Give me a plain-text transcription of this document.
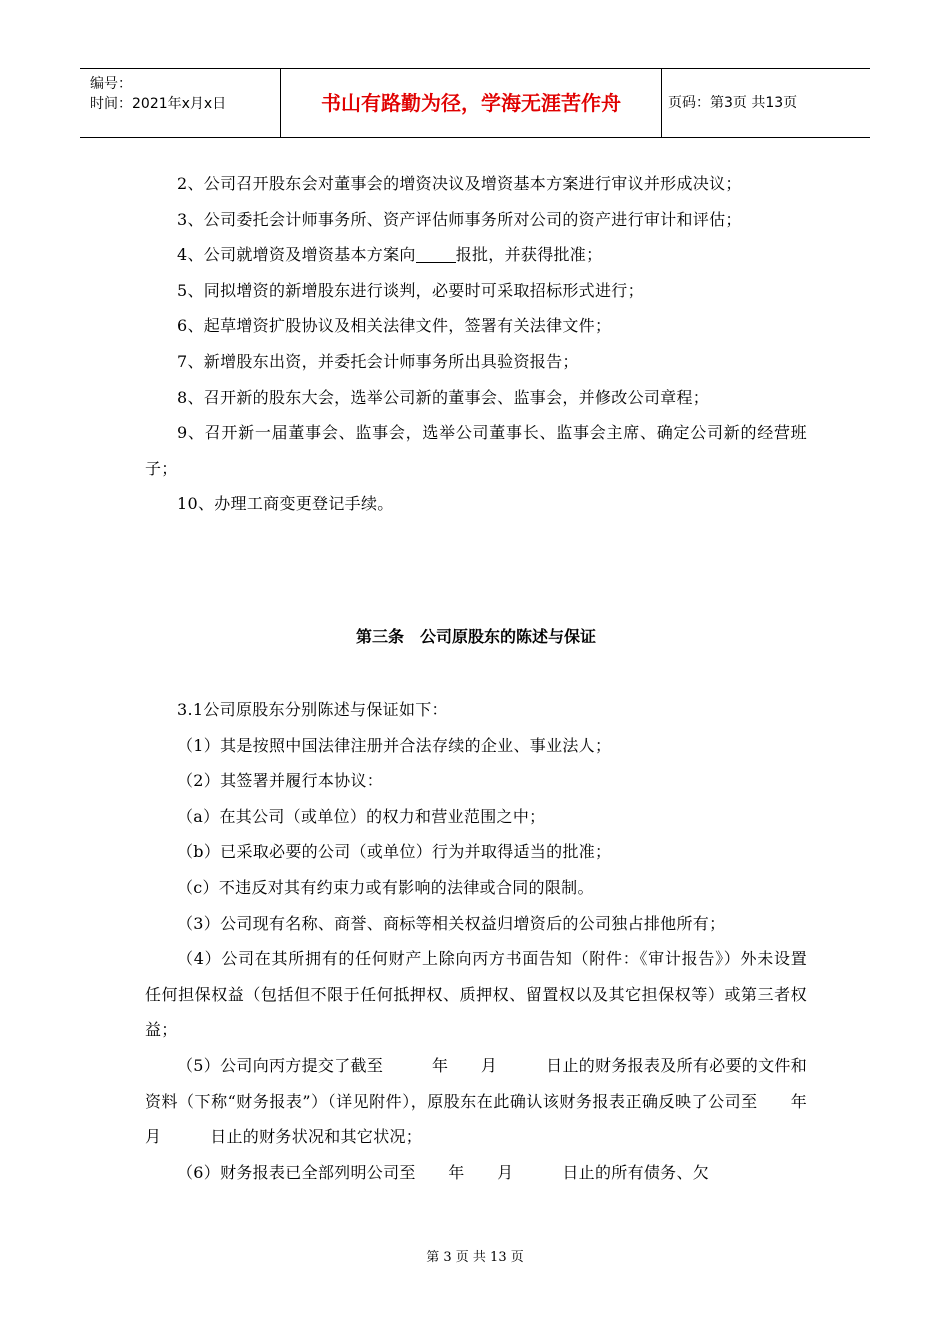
编号：
时间：2021年x月x日	书山有路勤为径，学海无涯苦作舟	页码：第3页 共13页

2、公司召开股东会对董事会的增资决议及增资基本方案进行审议并形成决议；

3、公司委托会计师事务所、资产评估师事务所对公司的资产进行审计和评估；

4、公司就增资及增资基本方案向	报批，并获得批准；

5、同拟增资的新增股东进行谈判，必要时可采取招标形式进行；

6、起草增资扩股协议及相关法律文件，签署有关法律文件；

7、新增股东出资，并委托会计师事务所出具验资报告；

8、召开新的股东大会，选举公司新的董事会、监事会，并修改公司章程；

9、召开新一届董事会、监事会，选举公司董事长、监事会主席、确定公司新的经营班子；

10、办理工商变更登记手续。

第三条　公司原股东的陈述与保证

3.1公司原股东分别陈述与保证如下：

（1）其是按照中国法律注册并合法存续的企业、事业法人；

（2）其签署并履行本协议：

（a）在其公司（或单位）的权力和营业范围之中；

（b）已采取必要的公司（或单位）行为并取得适当的批准；

（c）不违反对其有约束力或有影响的法律或合同的限制。

（3）公司现有名称、商誉、商标等相关权益归增资后的公司独占排他所有；

（4）公司在其所拥有的任何财产上除向丙方书面告知（附件：《审计报告》）外未设置任何担保权益（包括但不限于任何抵押权、质押权、留置权以及其它担保权等）或第三者权益；

（5）公司向丙方提交了截至　　　年　　月　　　日止的财务报表及所有必要的文件和资料（下称“财务报表”）（详见附件），原股东在此确认该财务报表正确反映了公司至　　年　　月　　　日止的财务状况和其它状况；

（6）财务报表已全部列明公司至　　年　　月　　　日止的所有债务、欠

第 3 页 共 13 页
